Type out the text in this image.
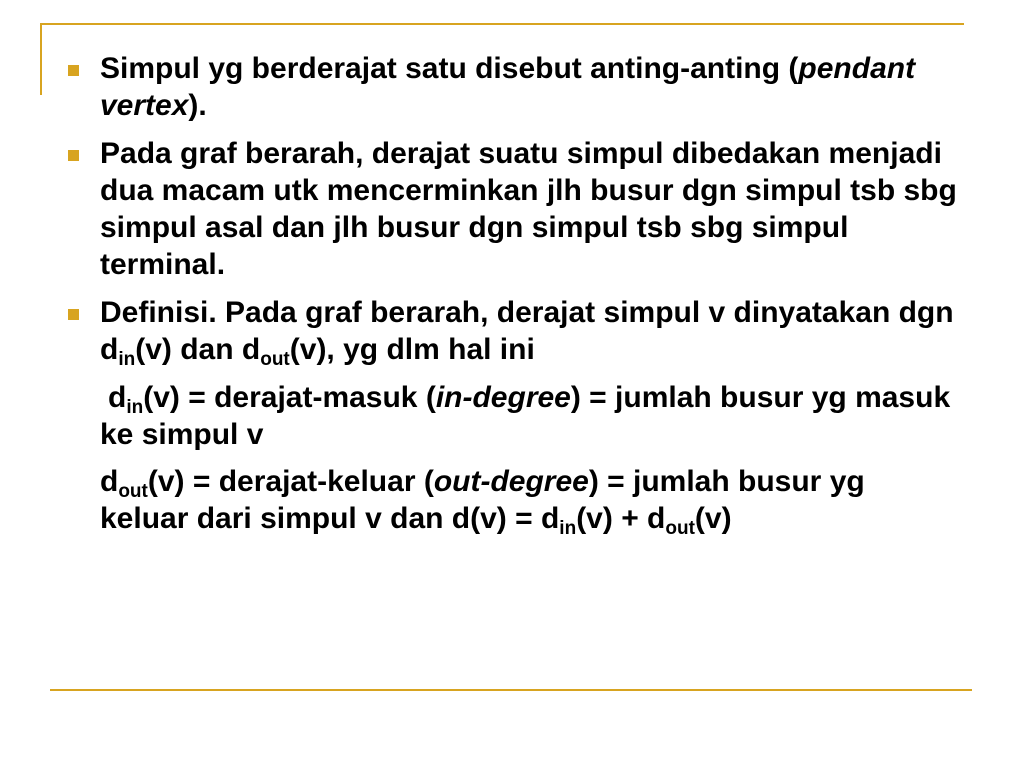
Simpul yg berderajat satu disebut anting-anting (pendant vertex).
Pada graf berarah, derajat suatu simpul dibedakan menjadi dua macam utk mencerminkan jlh busur dgn simpul tsb sbg simpul asal dan jlh busur dgn simpul tsb sbg simpul terminal.
Definisi. Pada graf berarah, derajat simpul v dinyatakan dgn $d_{in}(v)$ dan $d_{out}(v)$, yg dlm hal ini
$d_{in}(v)$ = derajat-masuk (in-degree) = jumlah busur yg masuk ke simpul v
$d_{out}(v)$ = derajat-keluar (out-degree) = jumlah busur yg keluar dari simpul v dan $d(v) = d_{in}(v) + d_{out}(v)$
